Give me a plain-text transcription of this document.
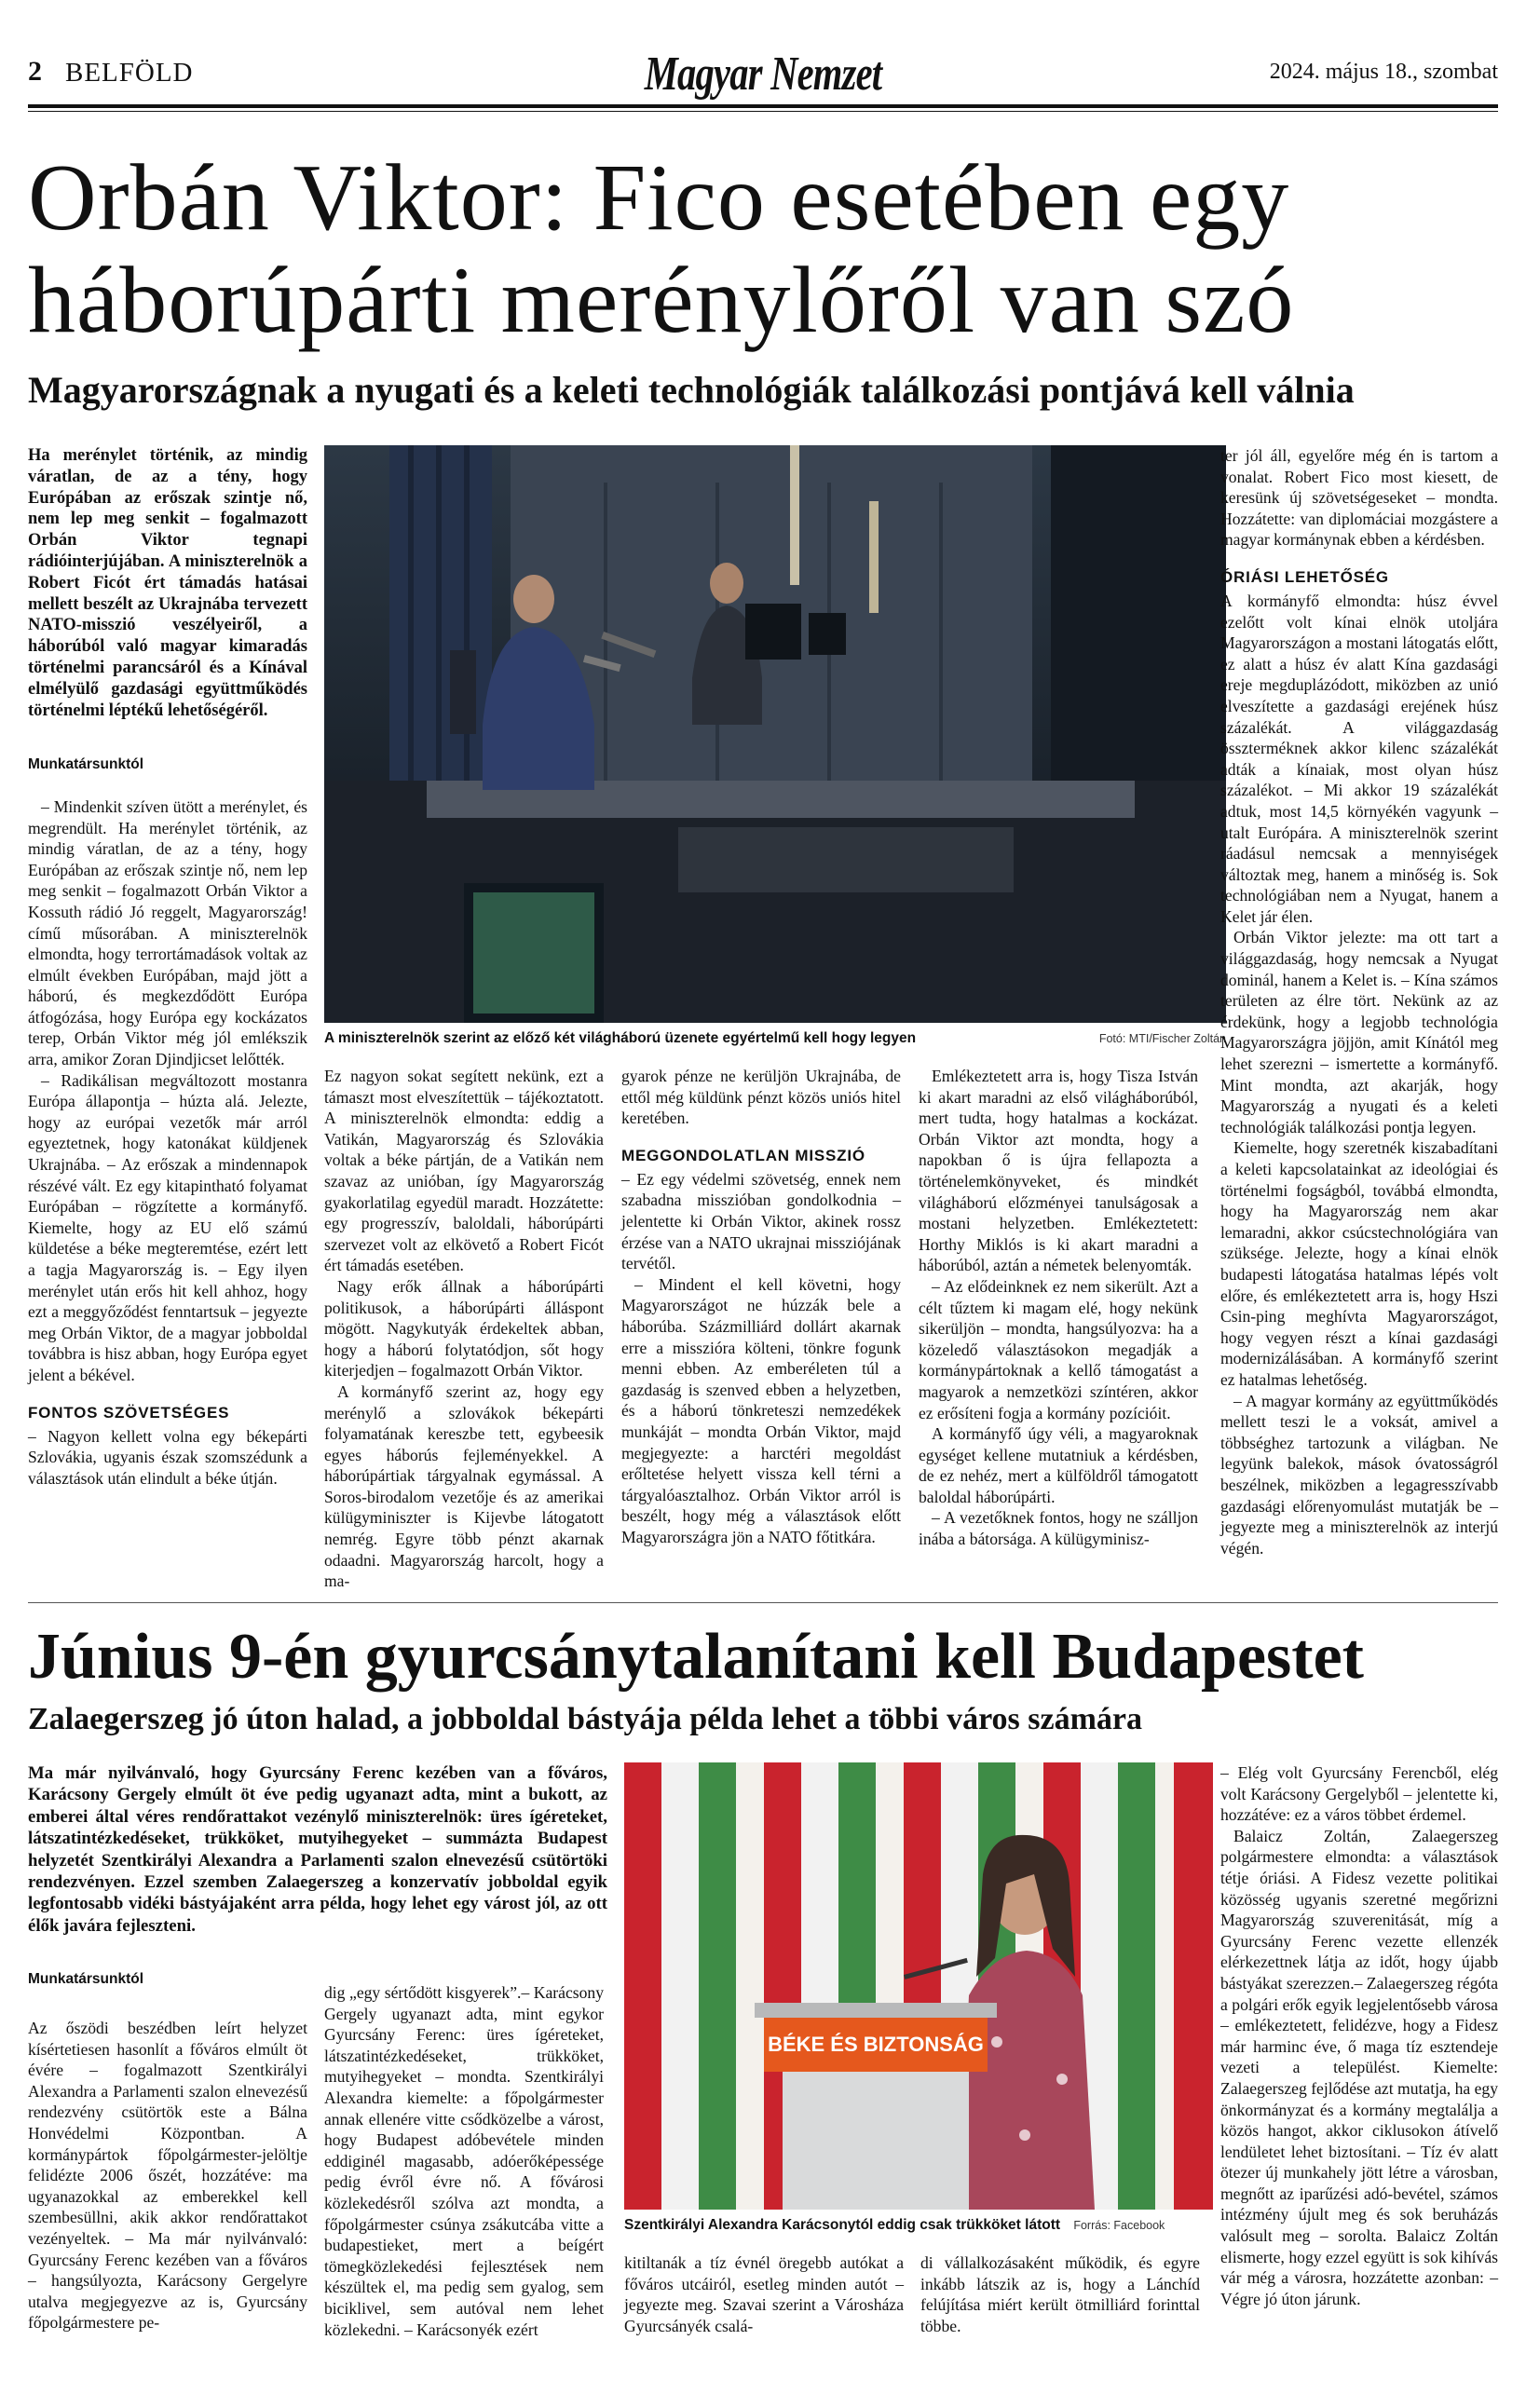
2 BELFÖLD	Magyar Nemzet	2024. május 18., szombat
Orbán Viktor: Fico esetében egy háborúpárti merénylőről van szó
Magyarországnak a nyugati és a keleti technológiák találkozási pontjává kell válnia
Ha merénylet történik, az mindig váratlan, de az a tény, hogy Európában az erőszak szintje nő, nem lep meg senkit – fogalmazott Orbán Viktor tegnapi rádióinterjújában. A miniszterelnök a Robert Ficót ért támadás hatásai mellett beszélt az Ukrajnába tervezett NATO-misszió veszélyeiről, a háborúból való magyar kimaradás történelmi parancsáról és a Kínával elmélyülő gazdasági együttműködés történelmi léptékű lehetőségéről.
Munkatársunktól

– Mindenkit szíven ütött a merénylet, és megrendült. Ha merénylet történik, az mindig váratlan, de az a tény, hogy Európában az erőszak szintje nő, nem lep meg senkit – fogalmazott Orbán Viktor a Kossuth rádió Jó reggelt, Magyarország! című műsorában. A miniszterelnök elmondta, hogy terrortámadások voltak az elmúlt években Európában, majd jött a háború, és megkezdődött Európa átfogózása, hogy Európa egy kockázatos terep, Orbán Viktor még jól emlékszik arra, amikor Zoran Djindjicset lelőtték.

– Radikálisan megváltozott mostanra Európa állapontja – húzta alá. Jelezte, hogy az európai vezetők már arról egyeztetnek, hogy katonákat küldjenek Ukrajnába. – Az erőszak a mindennapok részévé vált. Ez egy kitapintható folyamat Európában – rögzítette a kormányfő. Kiemelte, hogy az EU elő számú küldetése a béke megteremtése, ezért lett a tagja Magyarország is. – Egy ilyen merénylet után erős hit kell ahhoz, hogy ezt a meggyőződést fenntartsuk – jegyezte meg Orbán Viktor, de a magyar jobboldal továbbra is hisz abban, hogy Európa egyet jelent a békével.

FONTOS SZÖVETSÉGES

– Nagyon kellett volna egy békepárti Szlovákia, ugyanis észak szomszédunk a választások után elindult a béke útján.

A miniszterelnök szerint az előző két világháború üzenete egyértelmű kell hogy legyen	Fotó: MTI/Fischer Zoltán

Ez nagyon sokat segített nekünk, ezt a támaszt most elveszítettük – tájékoztatott. A miniszterelnök elmondta: eddig a Vatikán, Magyarország és Szlovákia voltak a béke pártján, de a Vatikán nem szavaz az unióban, így Magyarország gyakorlatilag egyedül maradt. Hozzátette: egy progresszív, baloldali, háborúpárti szervezet volt az elkövető a Robert Ficót ért támadás esetében.

Nagy erők állnak a háborúpárti politikusok, a háborúpárti álláspont mögött. Nagykutyák érdekeltek abban, hogy a háború folytatódjon, sőt hogy kiterjedjen – fogalmazott Orbán Viktor.

A kormányfő szerint az, hogy egy merénylő a szlovákok békepárti folyamatának kereszbe tett, egybeesik egyes háborús fejleményekkel. A háborúpártiak tárgyalnak egymással. A Soros-birodalom vezetője és az amerikai külügyminiszter is Kijevbe látogatott nemrég. Egyre több pénzt akarnak odaadni. Magyarország harcolt, hogy a ma-

gyarok pénze ne kerüljön Ukrajnába, de ettől még küldünk pénzt közös uniós hitel keretében.

MEGGONDOLATLAN MISSZIÓ

– Ez egy védelmi szövetség, ennek nem szabadna misszióban gondolkodnia – jelentette ki Orbán Viktor, akinek rossz érzése van a NATO ukrajnai missziójának tervétől.

– Mindent el kell követni, hogy Magyarországot ne húzzák bele a háborúba. Százmilliárd dollárt akarnak erre a misszióra költeni, tönkre fogunk menni ebben. Az emberéleten túl a gazdaság is szenved ebben a helyzetben, és a háború tönkreteszi nemzedékek munkáját – mondta Orbán Viktor, majd megjegyezte: a harctéri megoldást erőltetése helyett vissza kell térni a tárgyalóasztalhoz. Orbán Viktor arról is beszélt, hogy még a választások előtt Magyarországra jön a NATO főtitkára.

Emlékeztetett arra is, hogy Tisza István ki akart maradni az első világháborúból, mert tudta, hogy hatalmas a kockázat. Orbán Viktor azt mondta, hogy a napokban ő is újra fellapozta a történelemkönyveket, és mindkét világháború előzményei tanulságosak a mostani helyzetben. Emlékeztetett: Horthy Miklós is ki akart maradni a háborúból, aztán a németek belenyomták.

– Az elődeinknek ez nem sikerült. Azt a célt tűztem ki magam elé, hogy nekünk sikerüljön – mondta, hangsúlyozva: ha a közeledő választásokon megadják a kormánypártoknak a kellő támogatást a magyarok a nemzetközi színtéren, akkor ez erősíteni fogja a kormány pozícióit.

A kormányfő úgy véli, a magyaroknak egységet kellene mutatniuk a kérdésben, de ez nehéz, mert a külföldről támogatott baloldal háborúpárti.

– A vezetőknek fontos, hogy ne szálljon inába a bátorsága. A külügyminisz-

ter jól áll, egyelőre még én is tartom a vonalat. Robert Fico most kiesett, de keresünk új szövetségeseket – mondta. Hozzátette: van diplomáciai mozgástere a magyar kormánynak ebben a kérdésben.

ÓRIÁSI LEHETŐSÉG

A kormányfő elmondta: húsz évvel ezelőtt volt kínai elnök utoljára Magyarországon a mostani látogatás előtt, ez alatt a húsz év alatt Kína gazdasági ereje megduplázódott, miközben az unió elveszítette a gazdasági erejének húsz százalékát. A világgazdaság összterméknek akkor kilenc százalékát adták a kínaiak, most olyan húsz százalékot. – Mi akkor 19 százalékát adtuk, most 14,5 környékén vagyunk – utalt Európára. A miniszterelnök szerint ráadásul nemcsak a mennyiségek változtak meg, hanem a minőség is. Sok technológiában nem a Nyugat, hanem a Kelet jár élen.

Orbán Viktor jelezte: ma ott tart a világgazdaság, hogy nemcsak a Nyugat dominál, hanem a Kelet is. – Kína számos területen az élre tört. Nekünk az az érdekünk, hogy a legjobb technológia Magyarországra jöjjön, amit Kínától meg lehet szerezni – ismertette a kormányfő. Mint mondta, azt akarják, hogy Magyarország a nyugati és a keleti technológiák találkozási pontja legyen.

Kiemelte, hogy szeretnék kiszabadítani a keleti kapcsolatainkat az ideológiai és történelmi fogságból, továbbá elmondta, hogy ha Magyarország nem akar lemaradni, akkor csúcstechnológiára van szüksége. Jelezte, hogy a kínai elnök budapesti látogatása hatalmas lépés volt előre, és emlékeztetett arra is, hogy Hszi Csin-ping meghívta Magyarországot, hogy vegyen részt a kínai gazdasági modernizálásában. A kormányfő szerint ez hatalmas lehetőség.

– A magyar kormány az együttműködés mellett teszi le a voksát, amivel a többséghez tartozunk a világban. Ne legyünk balekok, mások óvatosságról beszélnek, miközben a legagresszívabb gazdasági előrenyomulást mutatják be – jegyezte meg a miniszterelnök az interjú végén.

Június 9-én gyurcsánytalanítani kell Budapestet
Zalaegerszeg jó úton halad, a jobboldal bástyája példa lehet a többi város számára
Ma már nyilvánvaló, hogy Gyurcsány Ferenc kezében van a főváros, Karácsony Gergely elmúlt öt éve pedig ugyanazt adta, mint a bukott, az emberei által véres rendőrattakot vezénylő miniszterelnök: üres ígéreteket, látszatintézkedéseket, trükköket, mutyihegyeket – summázta Budapest helyzetét Szentkirályi Alexandra a Parlamenti szalon elnevezésű csütörtöki rendezvényen. Ezzel szemben Zalaegerszeg a konzervatív jobboldal egyik legfontosabb vidéki bástyájaként arra példa, hogy lehet egy várost jól, az ott élők javára fejleszteni.
Munkatársunktól

Az őszödi beszédben leírt helyzet kísértetiesen hasonlít a főváros elmúlt öt évére – fogalmazott Szentkirályi Alexandra a Parlamenti szalon elnevezésű rendezvény csütörtök este a Bálna Honvédelmi Központban. A kormánypártok főpolgármester-jelöltje felidézte 2006 őszét, hozzátéve: ma ugyanazokkal az emberekkel kell szembesüllni, akik akkor rendőrattakot vezényeltek. – Ma már nyilvánvaló: Gyurcsány Ferenc kezében van a főváros – hangsúlyozta, Karácsony Gergelyre utalva megjegyezve az is, Gyurcsány főpolgármestere pe-

dig „egy sértődött kisgyerek”.– Karácsony Gergely ugyanazt adta, mint egykor Gyurcsány Ferenc: üres ígéreteket, látszatintézkedéseket, trükköket, mutyihegyeket – mondta. Szentkirályi Alexandra kiemelte: a főpolgármester annak ellenére vitte csődközelbe a várost, hogy Budapest adóbevétele minden eddiginél magasabb, adóerőképessége pedig évről évre nő. A fővárosi közlekedésről szólva azt mondta, a főpolgármester csúnya zsákutcába vitte a budapestieket, mert a beígért tömegközlekedési fejlesztések nem készültek el, ma pedig sem gyalog, sem biciklivel, sem autóval nem lehet közlekedni. – Karácsonyék ezért

BÉKE ÉS BIZTONSÁG
Szentkirályi Alexandra Karácsonytól eddig csak trükköket látott Forrás: Facebook

kitiltanák a tíz évnél öregebb autókat a főváros utcáiról, esetleg minden autót – jegyezte meg. Szavai szerint a Városháza Gyurcsányék csalá-

di vállalkozásaként működik, és egyre inkább látszik az is, hogy a Lánchíd felújítása miért került ötmilliárd forinttal többe.

– Elég volt Gyurcsány Ferencből, elég volt Karácsony Gergelyből – jelentette ki, hozzátéve: ez a város többet érdemel.

Balaicz Zoltán, Zalaegerszeg polgármestere elmondta: a választások tétje óriási. A Fidesz vezette politikai közösség ugyanis szeretné megőrizni Magyarország szuverenitását, míg a Gyurcsány Ferenc vezette ellenzék elérkezettnek látja az időt, hogy újabb bástyákat szerezzen.– Zalaegerszeg régóta a polgári erők egyik legjelentősebb városa – emlékeztetett, felidézve, hogy a Fidesz már harminc éve, ő maga tíz esztendeje vezeti a települést. Kiemelte: Zalaegerszeg fejlődése azt mutatja, ha egy önkormányzat és a kormány megtalálja a közös hangot, akkor ciklusokon átívelő lendületet lehet biztosítani. – Tíz év alatt ötezer új munkahely jött létre a városban, megnőtt az iparűzési adó-bevétel, számos intézmény újult meg és sok beruházás valósult meg – sorolta. Balaicz Zoltán elismerte, hogy ezzel együtt is sok kihívás vár még a városra, hozzátette azonban: – Végre jó úton járunk.
